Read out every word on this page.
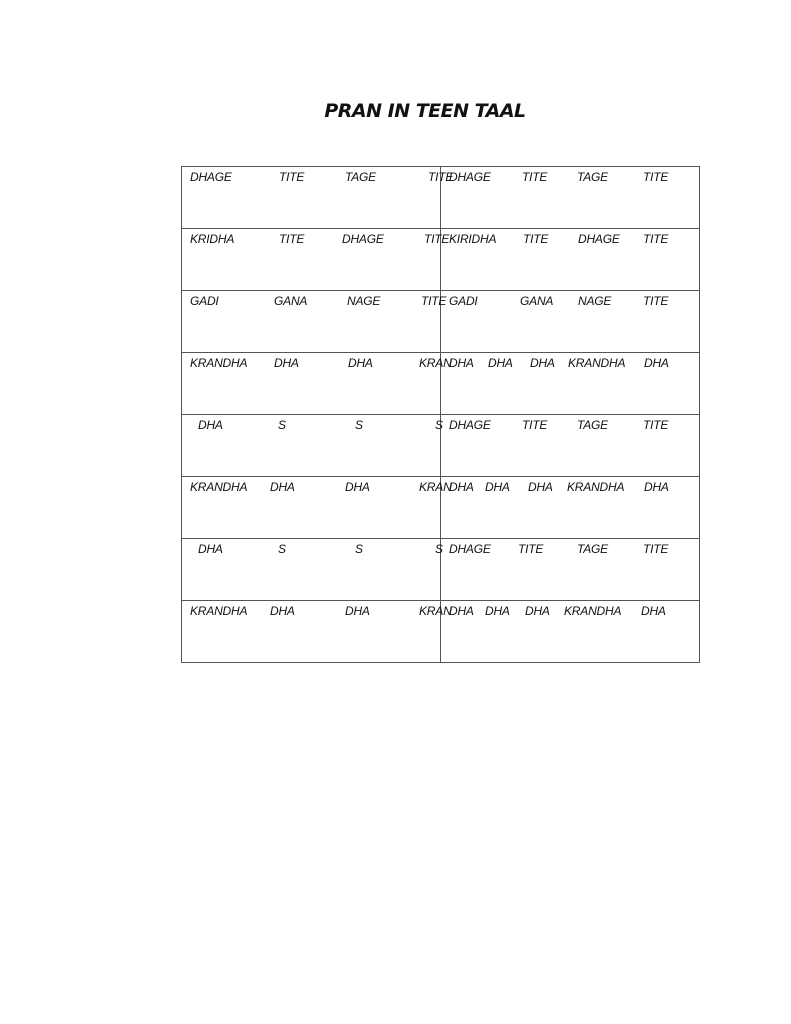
PRAN IN TEEN TAAL
DHAGE TITE TAGE TITE	DHAGE TITE TAGE TITE

KRIDHA TITE DHAGE TITE	KIRIDHA TITE DHAGE TITE

GADI GANA NAGE TITE	GADI GANA NAGE TITE

KRANDHA DHA DHA KRAN	DHA DHA DHA KRANDHA DHA

DHA S S S	DHAGE TITE TAGE TITE

KRANDHA DHA DHA KRAN	DHA DHA DHA KRANDHA DHA

DHA S S S	DHAGE TITE TAGE TITE

KRANDHA DHA DHA KRAN	DHA DHA DHA KRANDHA DHA
